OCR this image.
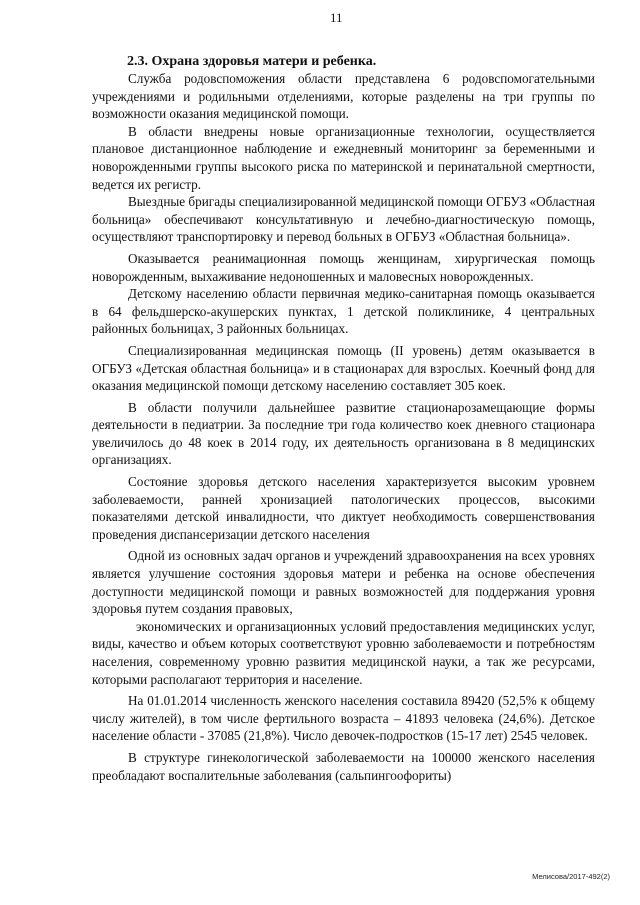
11
2.3. Охрана здоровья матери и ребенка.

Служба родовспоможения области представлена 6 родовспомогательными учреждениями и родильными отделениями, которые разделены на три группы по возможности оказания медицинской помощи.

В области внедрены новые организационные технологии, осуществляется плановое дистанционное наблюдение и ежедневный мониторинг за беременными и новорожденными группы высокого риска по материнской и перинатальной смертности, ведется их регистр.

Выездные бригады специализированной медицинской помощи ОГБУЗ «Областная больница» обеспечивают консультативную и лечебно-диагностическую помощь, осуществляют транспортировку и перевод больных в ОГБУЗ «Областная больница».

Оказывается реанимационная помощь женщинам, хирургическая помощь новорожденным, выхаживание недоношенных и маловесных новорожденных.

Детскому населению области первичная медико-санитарная помощь оказывается в 64 фельдшерско-акушерских пунктах, 1 детской поликлинике, 4 центральных районных больницах, 3 районных больницах.

Специализированная медицинская помощь (II уровень) детям оказывается в ОГБУЗ «Детская областная больница» и в стационарах для взрослых. Коечный фонд для оказания медицинской помощи детскому населению составляет 305 коек.

В области получили дальнейшее развитие стационарозамещающие формы деятельности в педиатрии. За последние три года количество коек дневного стационара увеличилось до 48 коек в 2014 году, их деятельность организована в 8 медицинских организациях.

Состояние здоровья детского населения характеризуется высоким уровнем заболеваемости, ранней хронизацией патологических процессов, высокими показателями детской инвалидности, что диктует необходимость совершенствования проведения диспансеризации детского населения

Одной из основных задач органов и учреждений здравоохранения на всех уровнях является улучшение состояния здоровья матери и ребенка на основе обеспечения доступности медицинской помощи и равных возможностей для поддержания уровня здоровья путем создания правовых,

экономических и организационных условий предоставления медицинских услуг, виды, качество и объем которых соответствуют уровню заболеваемости и потребностям населения, современному уровню развития медицинской науки, а так же ресурсами, которыми располагают территория и население.

На 01.01.2014 численность женского населения составила 89420 (52,5% к общему числу жителей), в том числе фертильного возраста – 41893 человека (24,6%). Детское население области - 37085 (21,8%). Число девочек-подростков (15-17 лет) 2545 человек.

В структуре гинекологической заболеваемости на 100000 женского населения преобладают воспалительные заболевания (сальпингоофориты)

Мелисова/2017-492(2)
